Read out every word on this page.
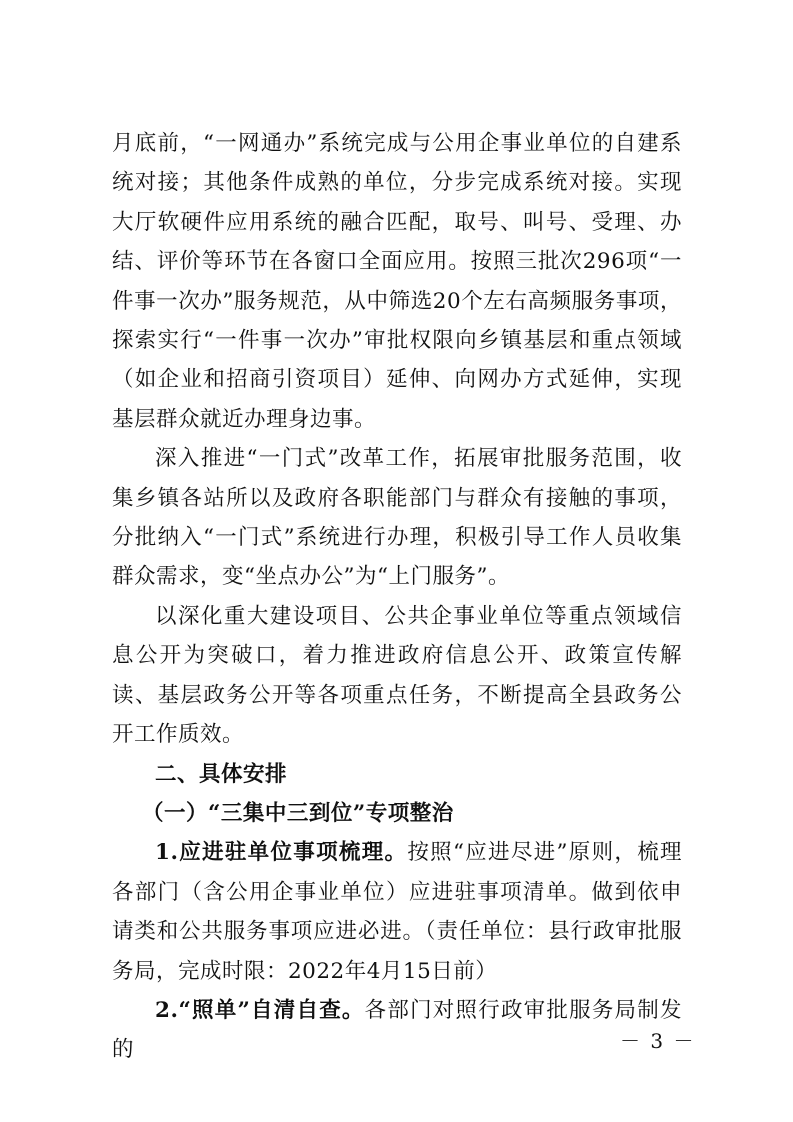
月底前，“一网通办”系统完成与公用企事业单位的自建系统对接；其他条件成熟的单位，分步完成系统对接。实现大厅软硬件应用系统的融合匹配，取号、叫号、受理、办结、评价等环节在各窗口全面应用。按照三批次296项“一件事一次办”服务规范，从中筛选20个左右高频服务事项，探索实行“一件事一次办”审批权限向乡镇基层和重点领域（如企业和招商引资项目）延伸、向网办方式延伸，实现基层群众就近办理身边事。

深入推进“一门式”改革工作，拓展审批服务范围，收集乡镇各站所以及政府各职能部门与群众有接触的事项，分批纳入“一门式”系统进行办理，积极引导工作人员收集群众需求，变“坐点办公”为“上门服务”。

以深化重大建设项目、公共企事业单位等重点领域信息公开为突破口，着力推进政府信息公开、政策宣传解读、基层政务公开等各项重点任务，不断提高全县政务公开工作质效。

二、具体安排

（一）“三集中三到位”专项整治

1.应进驻单位事项梳理。按照“应进尽进”原则，梳理各部门（含公用企事业单位）应进驻事项清单。做到依申请类和公共服务事项应进必进。（责任单位：县行政审批服务局，完成时限：2022年4月15日前）

2.“照单”自清自查。各部门对照行政审批服务局制发的	－ 3 －
